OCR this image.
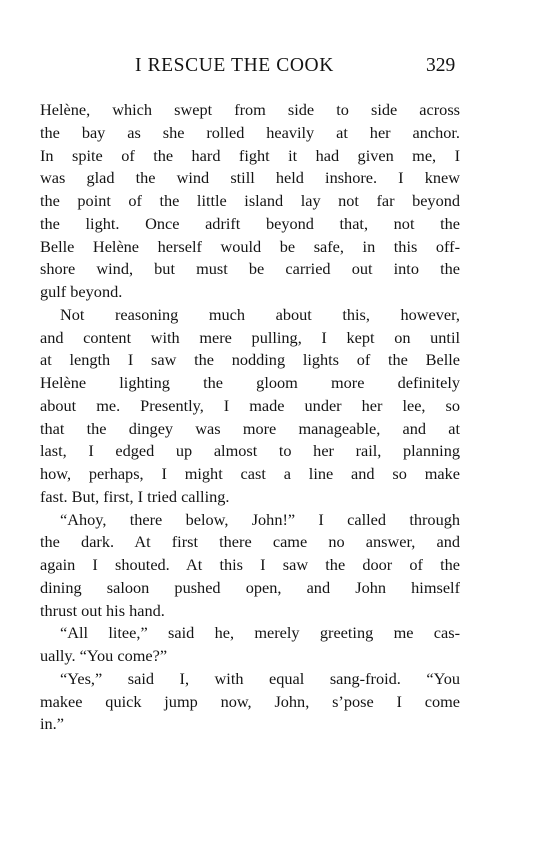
I RESCUE THE COOK	329
Helène, which swept from side to side across
the bay as she rolled heavily at her anchor.
In spite of the hard fight it had given me, I
was glad the wind still held inshore. I knew
the point of the little island lay not far beyond
the light. Once adrift beyond that, not the
Belle Helène herself would be safe, in this off-
shore wind, but must be carried out into the
gulf beyond.
Not reasoning much about this, however,
and content with mere pulling, I kept on until
at length I saw the nodding lights of the Belle
Helène lighting the gloom more definitely
about me. Presently, I made under her lee, so
that the dingey was more manageable, and at
last, I edged up almost to her rail, planning
how, perhaps, I might cast a line and so make
fast. But, first, I tried calling.
“Ahoy, there below, John!” I called through
the dark. At first there came no answer, and
again I shouted. At this I saw the door of the
dining saloon pushed open, and John himself
thrust out his hand.
“All litee,” said he, merely greeting me cas-
ually. “You come?”
“Yes,” said I, with equal sang-froid. “You
makee quick jump now, John, s’pose I come
in.”
